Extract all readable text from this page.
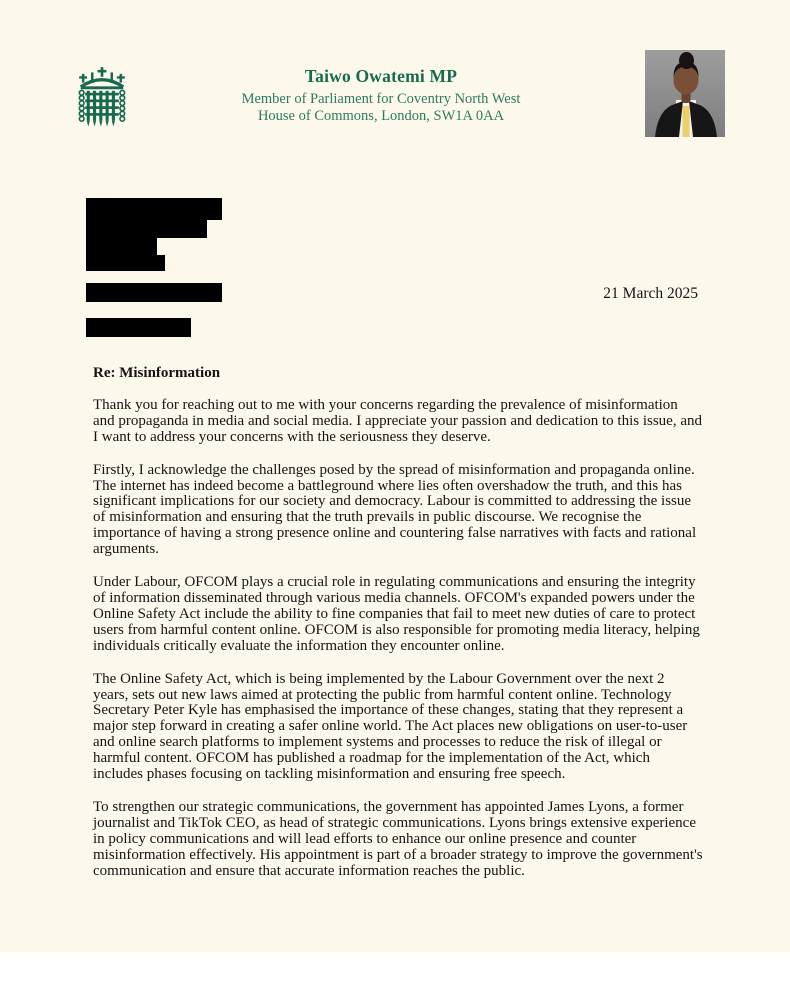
Taiwo Owatemi MP
Member of Parliament for Coventry North West
House of Commons, London, SW1A 0AA
21 March 2025
Re: Misinformation

Thank you for reaching out to me with your concerns regarding the prevalence of misinformation and propaganda in media and social media. I appreciate your passion and dedication to this issue, and I want to address your concerns with the seriousness they deserve.

Firstly, I acknowledge the challenges posed by the spread of misinformation and propaganda online. The internet has indeed become a battleground where lies often overshadow the truth, and this has significant implications for our society and democracy. Labour is committed to addressing the issue of misinformation and ensuring that the truth prevails in public discourse. We recognise the importance of having a strong presence online and countering false narratives with facts and rational arguments.

Under Labour, OFCOM plays a crucial role in regulating communications and ensuring the integrity of information disseminated through various media channels. OFCOM's expanded powers under the Online Safety Act include the ability to fine companies that fail to meet new duties of care to protect users from harmful content online. OFCOM is also responsible for promoting media literacy, helping individuals critically evaluate the information they encounter online.

The Online Safety Act, which is being implemented by the Labour Government over the next 2 years, sets out new laws aimed at protecting the public from harmful content online. Technology Secretary Peter Kyle has emphasised the importance of these changes, stating that they represent a major step forward in creating a safer online world. The Act places new obligations on user-to-user and online search platforms to implement systems and processes to reduce the risk of illegal or harmful content. OFCOM has published a roadmap for the implementation of the Act, which includes phases focusing on tackling misinformation and ensuring free speech.

To strengthen our strategic communications, the government has appointed James Lyons, a former journalist and TikTok CEO, as head of strategic communications. Lyons brings extensive experience in policy communications and will lead efforts to enhance our online presence and counter misinformation effectively. His appointment is part of a broader strategy to improve the government's communication and ensure that accurate information reaches the public.
